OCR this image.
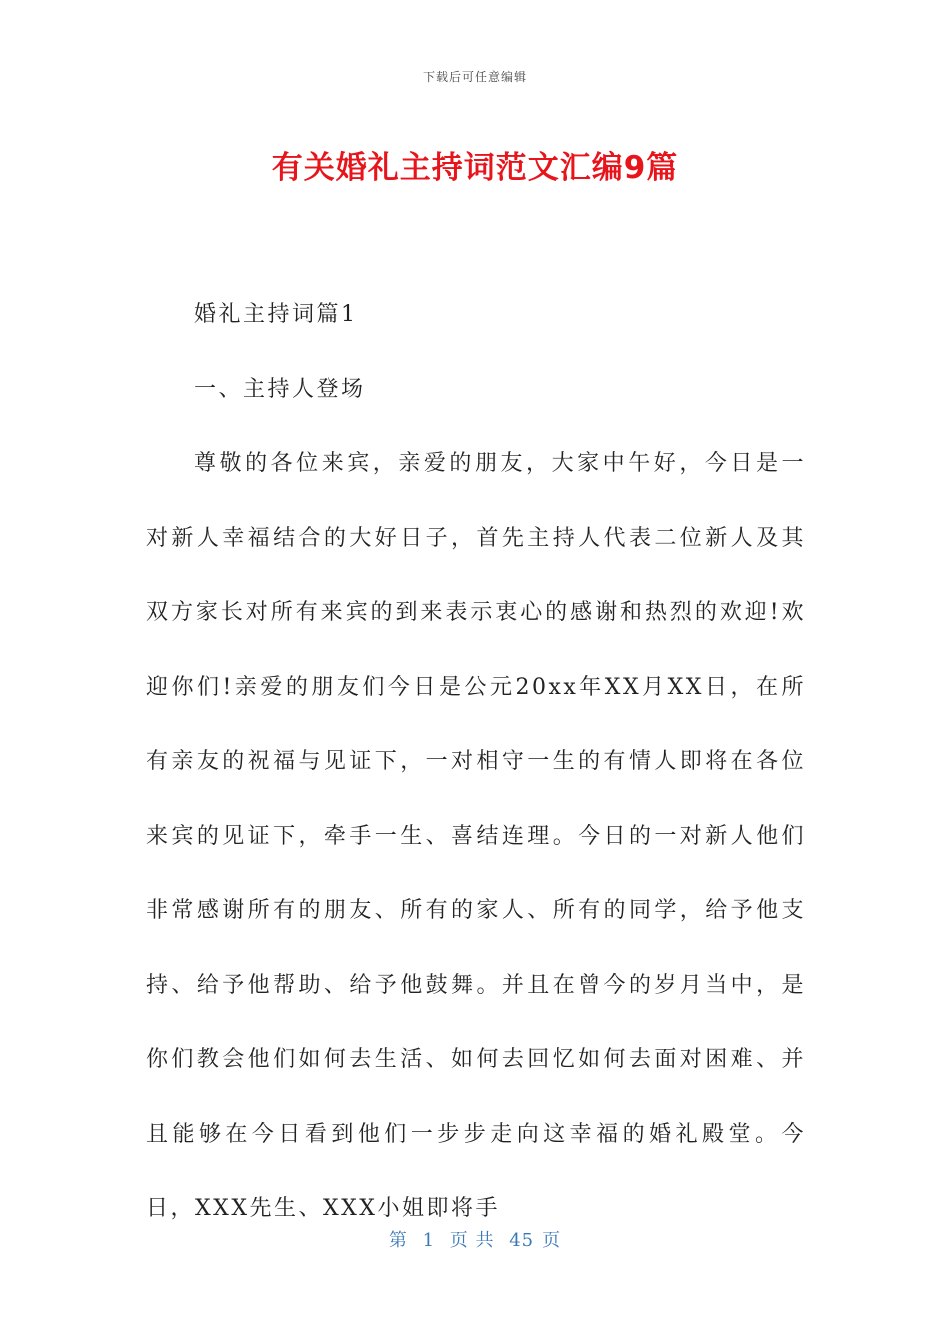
下载后可任意编辑
有关婚礼主持词范文汇编9篇

婚礼主持词篇1

一、主持人登场

尊敬的各位来宾，亲爱的朋友，大家中午好，今日是一对新人幸福结合的大好日子，首先主持人代表二位新人及其双方家长对所有来宾的到来表示衷心的感谢和热烈的欢迎!欢迎你们!亲爱的朋友们今日是公元20xx年XX月XX日，在所有亲友的祝福与见证下，一对相守一生的有情人即将在各位来宾的见证下，牵手一生、喜结连理。今日的一对新人他们非常感谢所有的朋友、所有的家人、所有的同学，给予他支持、给予他帮助、给予他鼓舞。并且在曾今的岁月当中，是你们教会他们如何去生活、如何去回忆如何去面对困难、并且能够在今日看到他们一步步走向这幸福的婚礼殿堂。今日，XXX先生、XXX小姐即将手

第 1 页 共 45 页
